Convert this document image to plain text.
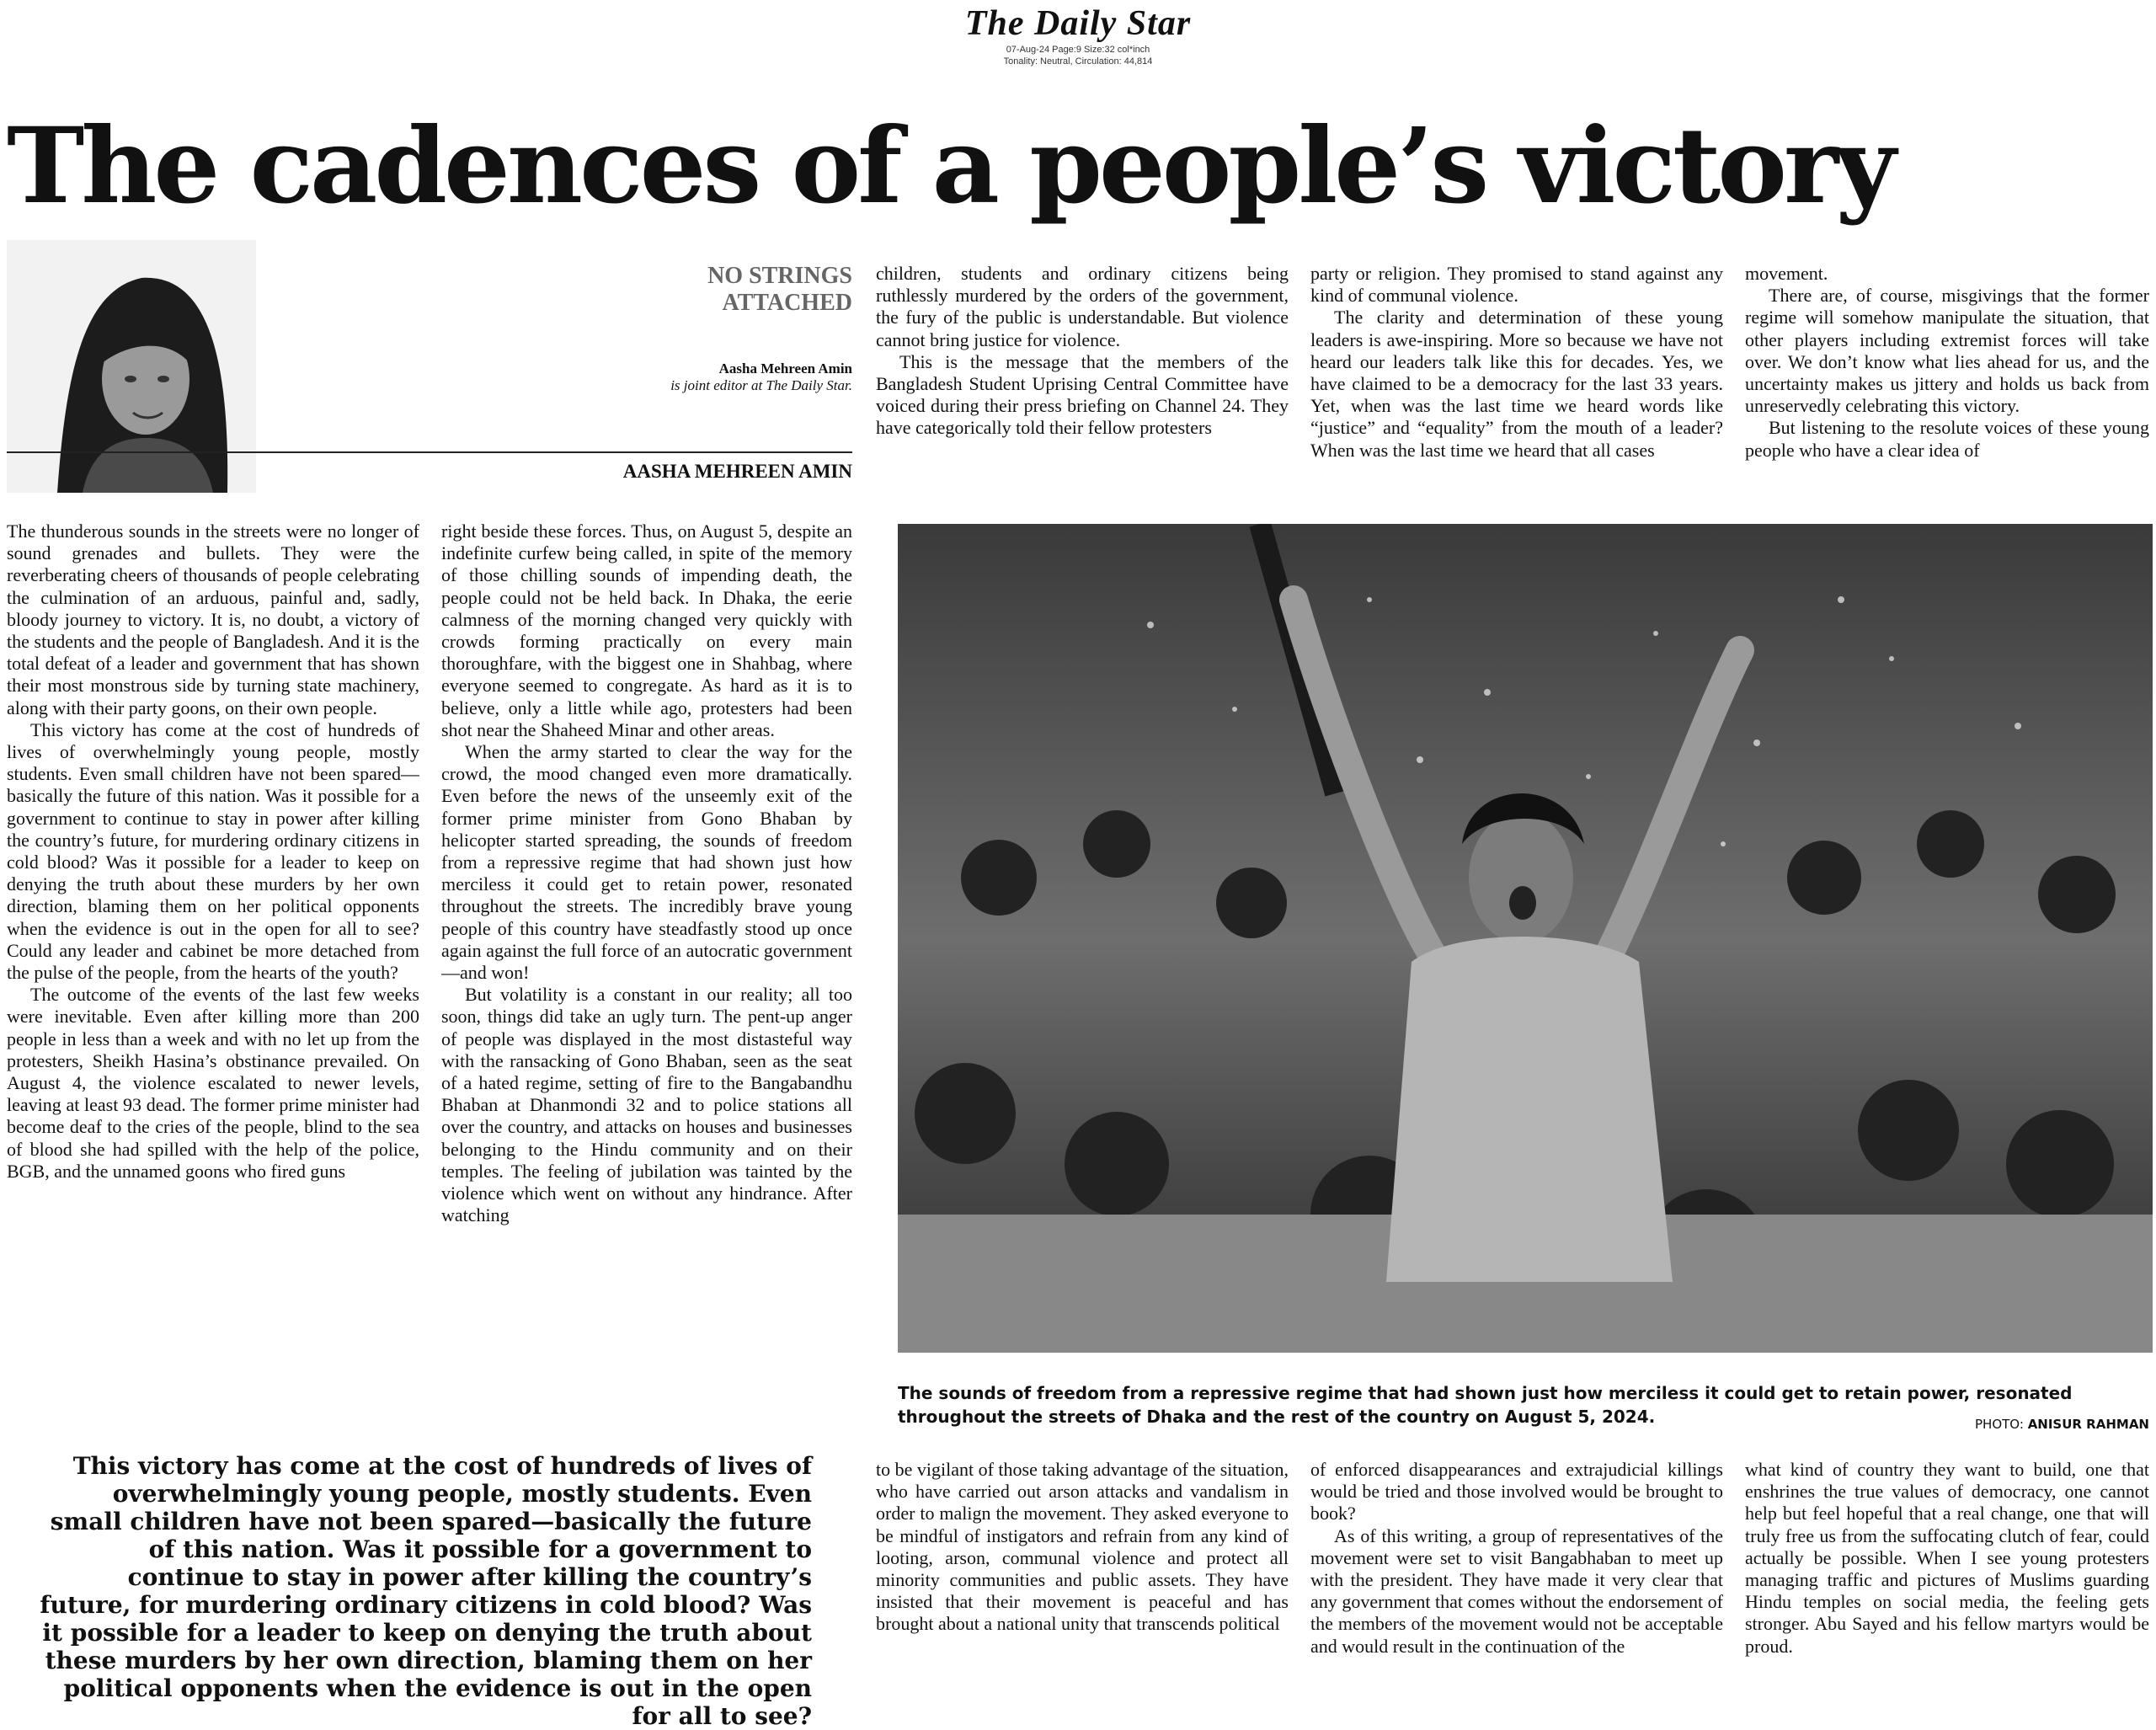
The Daily Star
07-Aug-24 Page:9 Size:32 col*inch
Tonality: Neutral, Circulation: 44,814
The cadences of a people’s victory
NO STRINGS
ATTACHED
Aasha Mehreen Amin
is joint editor at The Daily Star.
AASHA MEHREEN AMIN

The thunderous sounds in the streets were no longer of sound grenades and bullets. They were the reverberating cheers of thousands of people celebrating the culmination of an arduous, painful and, sadly, bloody journey to victory. It is, no doubt, a victory of the students and the people of Bangladesh. And it is the total defeat of a leader and government that has shown their most monstrous side by turning state machinery, along with their party goons, on their own people.

This victory has come at the cost of hundreds of lives of overwhelmingly young people, mostly students. Even small children have not been spared—basically the future of this nation. Was it possible for a government to continue to stay in power after killing the country’s future, for murdering ordinary citizens in cold blood? Was it possible for a leader to keep on denying the truth about these murders by her own direction, blaming them on her political opponents when the evidence is out in the open for all to see? Could any leader and cabinet be more detached from the pulse of the people, from the hearts of the youth?

The outcome of the events of the last few weeks were inevitable. Even after killing more than 200 people in less than a week and with no let up from the protesters, Sheikh Hasina’s obstinance prevailed. On August 4, the violence escalated to newer levels, leaving at least 93 dead. The former prime minister had become deaf to the cries of the people, blind to the sea of blood she had spilled with the help of the police, BGB, and the unnamed goons who fired guns

right beside these forces. Thus, on August 5, despite an indefinite curfew being called, in spite of the memory of those chilling sounds of impending death, the people could not be held back. In Dhaka, the eerie calmness of the morning changed very quickly with crowds forming practically on every main thoroughfare, with the biggest one in Shahbag, where everyone seemed to congregate. As hard as it is to believe, only a little while ago, protesters had been shot near the Shaheed Minar and other areas.

When the army started to clear the way for the crowd, the mood changed even more dramatically. Even before the news of the unseemly exit of the former prime minister from Gono Bhaban by helicopter started spreading, the sounds of freedom from a repressive regime that had shown just how merciless it could get to retain power, resonated throughout the streets. The incredibly brave young people of this country have steadfastly stood up once again against the full force of an autocratic government—and won!

But volatility is a constant in our reality; all too soon, things did take an ugly turn. The pent-up anger of people was displayed in the most distasteful way with the ransacking of Gono Bhaban, seen as the seat of a hated regime, setting of fire to the Bangabandhu Bhaban at Dhanmondi 32 and to police stations all over the country, and attacks on houses and businesses belonging to the Hindu community and on their temples. The feeling of jubilation was tainted by the violence which went on without any hindrance. After watching

children, students and ordinary citizens being ruthlessly murdered by the orders of the government, the fury of the public is understandable. But violence cannot bring justice for violence.

This is the message that the members of the Bangladesh Student Uprising Central Committee have voiced during their press briefing on Channel 24. They have categorically told their fellow protesters

party or religion. They promised to stand against any kind of communal violence.

The clarity and determination of these young leaders is awe-inspiring. More so because we have not heard our leaders talk like this for decades. Yes, we have claimed to be a democracy for the last 33 years. Yet, when was the last time we heard words like “justice” and “equality” from the mouth of a leader? When was the last time we heard that all cases

movement.

There are, of course, misgivings that the former regime will somehow manipulate the situation, that other players including extremist forces will take over. We don’t know what lies ahead for us, and the uncertainty makes us jittery and holds us back from unreservedly celebrating this victory.

But listening to the resolute voices of these young people who have a clear idea of

The sounds of freedom from a repressive regime that had shown just how merciless it could get to retain power, resonated throughout the streets of Dhaka and the rest of the country on August 5, 2024.	PHOTO: ANISUR RAHMAN
This victory has come at the cost of hundreds of lives of overwhelmingly young people, mostly students. Even small children have not been spared—basically the future of this nation. Was it possible for a government to continue to stay in power after killing the country’s future, for murdering ordinary citizens in cold blood? Was it possible for a leader to keep on denying the truth about these murders by her own direction, blaming them on her political opponents when the evidence is out in the open for all to see?

to be vigilant of those taking advantage of the situation, who have carried out arson attacks and vandalism in order to malign the movement. They asked everyone to be mindful of instigators and refrain from any kind of looting, arson, communal violence and protect all minority communities and public assets. They have insisted that their movement is peaceful and has brought about a national unity that transcends political

of enforced disappearances and extrajudicial killings would be tried and those involved would be brought to book?

As of this writing, a group of representatives of the movement were set to visit Bangabhaban to meet up with the president. They have made it very clear that any government that comes without the endorsement of the members of the movement would not be acceptable and would result in the continuation of the

what kind of country they want to build, one that enshrines the true values of democracy, one cannot help but feel hopeful that a real change, one that will truly free us from the suffocating clutch of fear, could actually be possible. When I see young protesters managing traffic and pictures of Muslims guarding Hindu temples on social media, the feeling gets stronger. Abu Sayed and his fellow martyrs would be proud.
